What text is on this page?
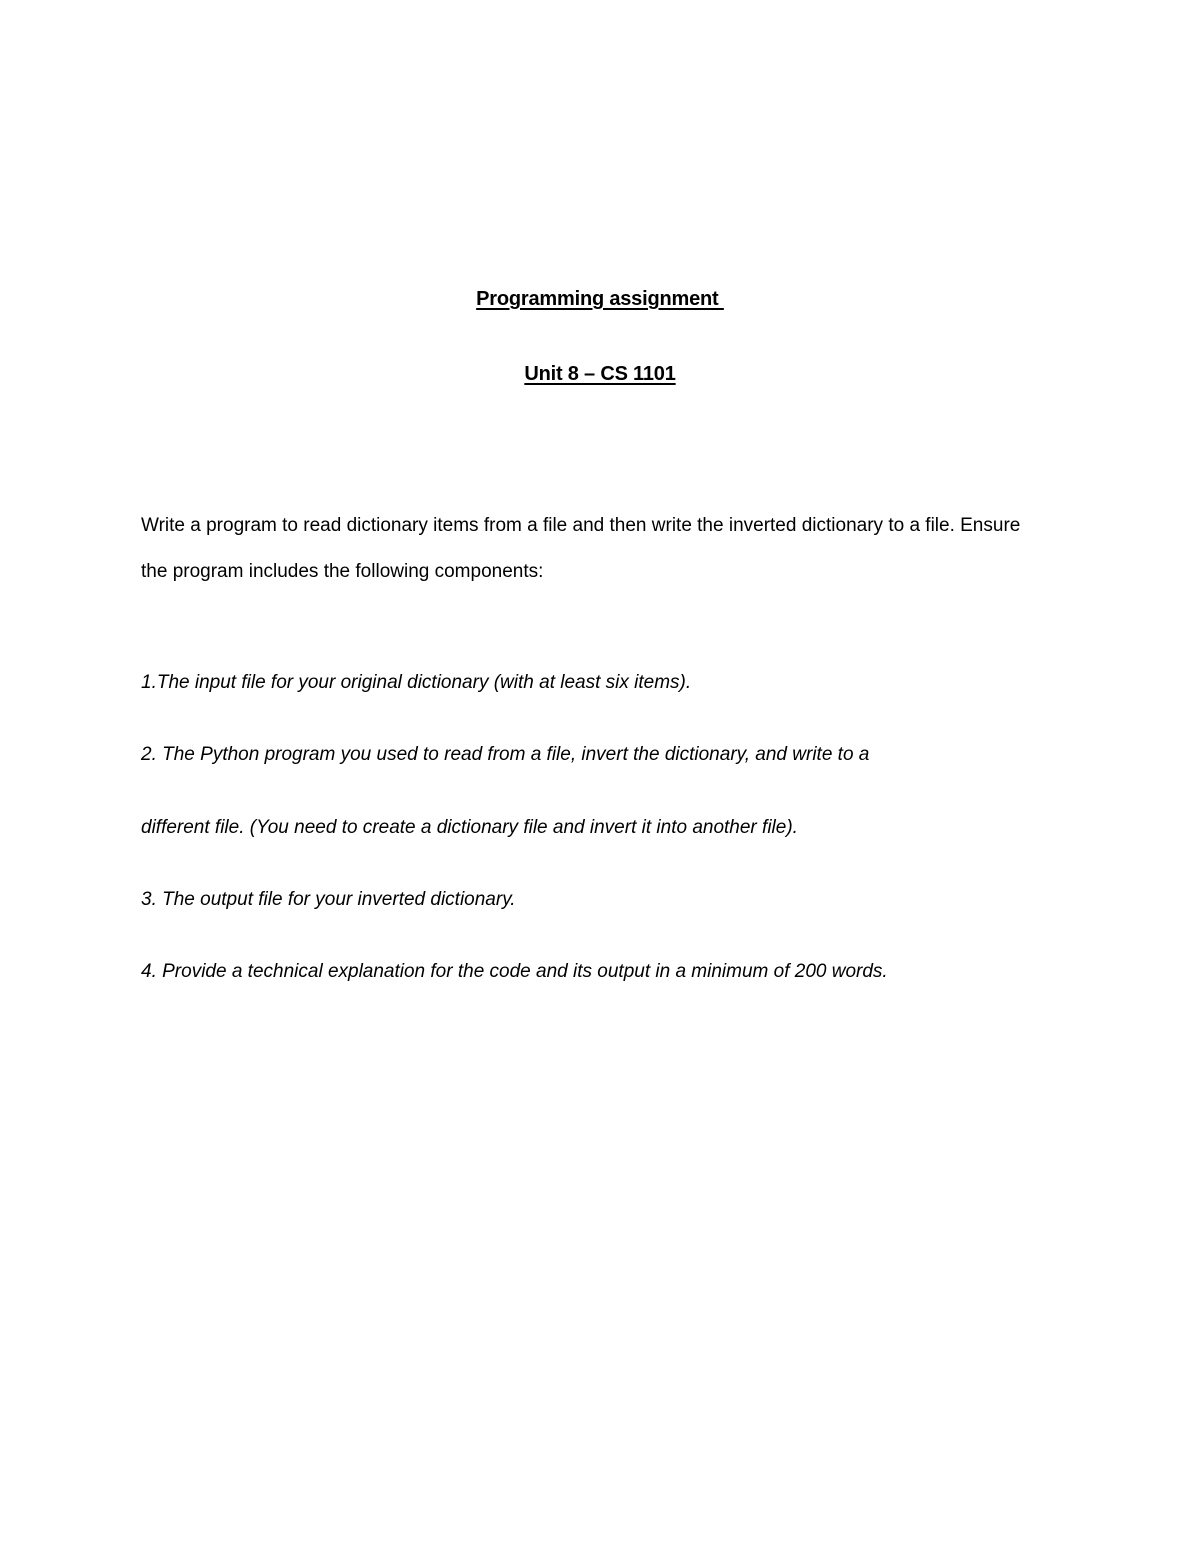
Programming assignment
Unit 8 – CS 1101

Write a program to read dictionary items from a file and then write the inverted dictionary to a file. Ensure the program includes the following components:

1.The input file for your original dictionary (with at least six items).

2. The Python program you used to read from a file, invert the dictionary, and write to a

different file. (You need to create a dictionary file and invert it into another file).

3. The output file for your inverted dictionary.

4. Provide a technical explanation for the code and its output in a minimum of 200 words.
